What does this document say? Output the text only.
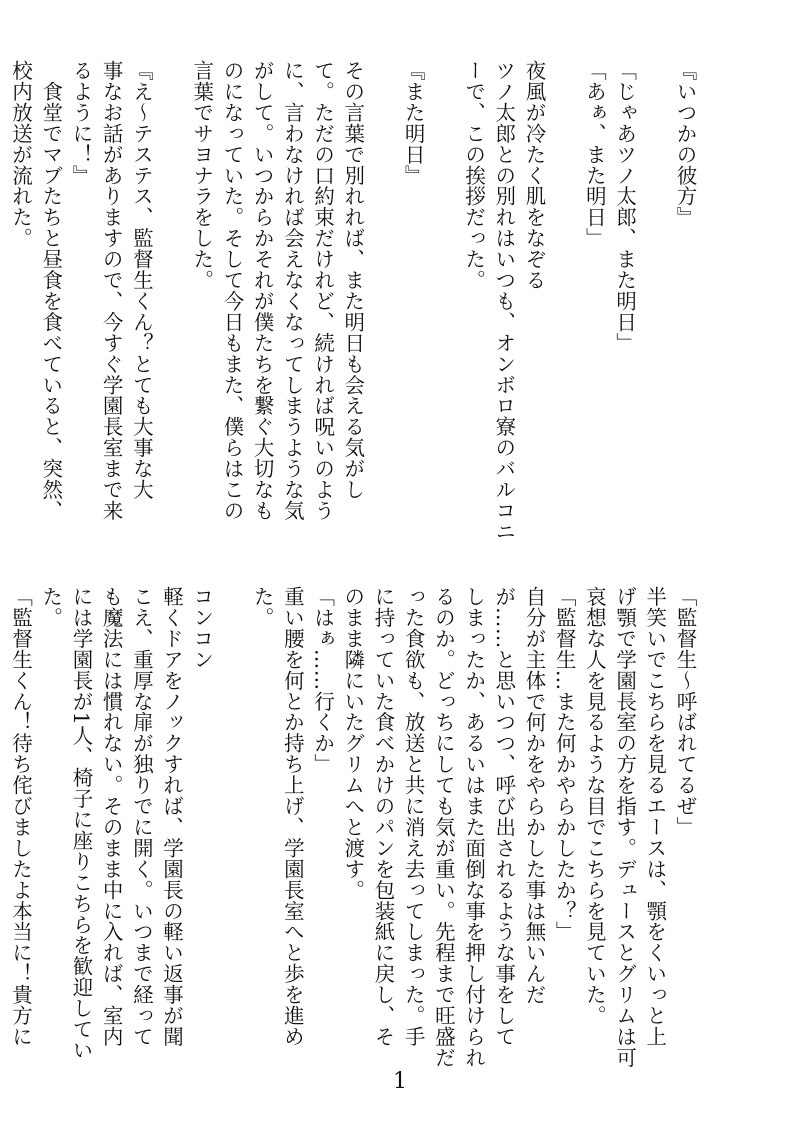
『いつかの彼方』

「じゃあツノ太郎、また明日」
「あぁ、また明日」

夜風が冷たく肌をなぞる
ツノ太郎との別れはいつも、オンボロ寮のバルコニ
ーで、この挨拶だった。

『また明日』

その言葉で別れれば、また明日も会える気がし
て。ただの口約束だけれど、続ければ呪いのよう
に、言わなければ会えなくなってしまうような気
がして。いつからかそれが僕たちを繋ぐ大切なも
のになっていた。そして今日もまた、僕らはこの
言葉でサヨナラをした。

『え〜テステス、監督生くん？とても大事な大
事なお話がありますので、今すぐ学園長室まで来
るように！』
　食堂でマブたちと昼食を食べていると、突然、
校内放送が流れた。
「監督生〜呼ばれてるぜ」
半笑いでこちらを見るエースは、顎をくいっと上
げ顎で学園長室の方を指す。デュースとグリムは可
哀想な人を見るような目でこちらを見ていた。
「監督生…また何かやらかしたか？」
自分が主体で何かをやらかした事は無いんだ
が……と思いつつ、呼び出されるような事をして
しまったか、あるいはまた面倒な事を押し付けられ
るのか。どっちにしても気が重い。先程まで旺盛だ
った食欲も、放送と共に消え去ってしまった。手
に持っていた食べかけのパンを包装紙に戻し、そ
のまま隣にいたグリムへと渡す。
「はぁ……行くか」
重い腰を何とか持ち上げ、学園長室へと歩を進め
た。

コンコン
軽くドアをノックすれば、学園長の軽い返事が聞
こえ、重厚な扉が独りでに開く。いつまで経って
も魔法には慣れない。そのまま中に入れば、室内
には学園長が1人、椅子に座りこちらを歓迎してい
た。
「監督生くん！待ち侘びましたよ本当に！貴方に
1
